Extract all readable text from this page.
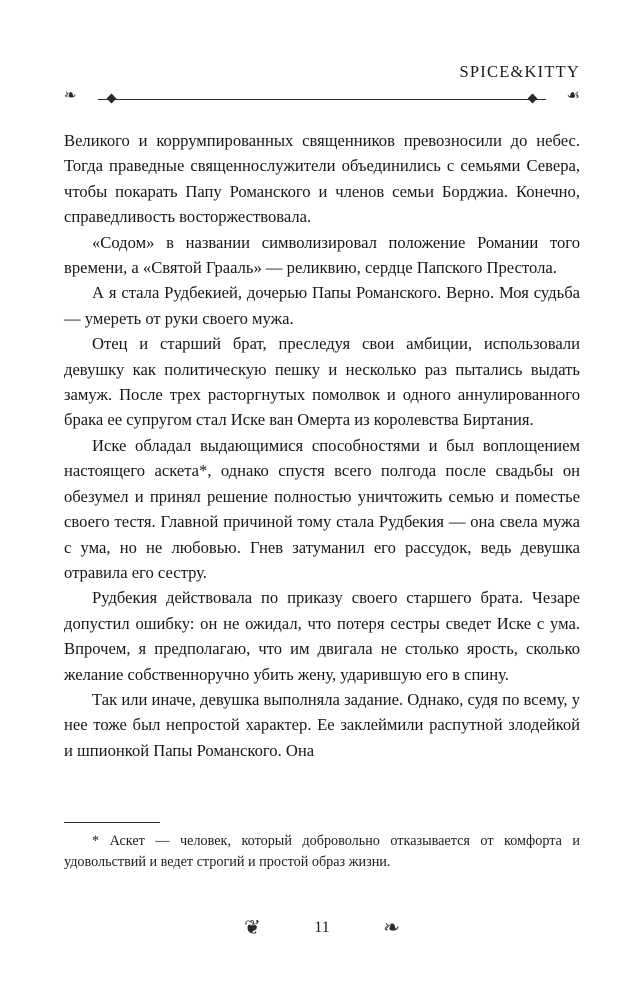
SPICE&KITTY
❧	☙

Великого и коррумпированных священников превозносили до небес. Тогда праведные священнослужители объединились с семьями Севера, чтобы покарать Папу Романского и членов семьи Борджиа. Конечно, справедливость восторжествовала.

«Содом» в названии символизировал положение Романии того времени, а «Святой Грааль» — реликвию, сердце Папского Престола.

А я стала Рудбекией, дочерью Папы Романского. Верно. Моя судьба — умереть от руки своего мужа.

Отец и старший брат, преследуя свои амбиции, использовали девушку как политическую пешку и несколько раз пытались выдать замуж. После трех расторгнутых помолвок и одного аннулированного брака ее супругом стал Иске ван Омерта из королевства Биртания.

Иске обладал выдающимися способностями и был воплощением настоящего аскета*, однако спустя всего полгода после свадьбы он обезумел и принял решение полностью уничтожить семью и поместье своего тестя. Главной причиной тому стала Рудбекия — она свела мужа с ума, но не любовью. Гнев затуманил его рассудок, ведь девушка отравила его сестру.

Рудбекия действовала по приказу своего старшего брата. Чезаре допустил ошибку: он не ожидал, что потеря сестры сведет Иске с ума. Впрочем, я предполагаю, что им двигала не столько ярость, сколько желание собственноручно убить жену, ударившую его в спину.

Так или иначе, девушка выполняла задание. Однако, судя по всему, у нее тоже был непростой характер. Ее заклеймили распутной злодейкой и шпионкой Папы Романского. Она

* Аскет — человек, который добровольно отказывается от комфорта и удовольствий и ведет строгий и простой образ жизни.

❦	11	❧
